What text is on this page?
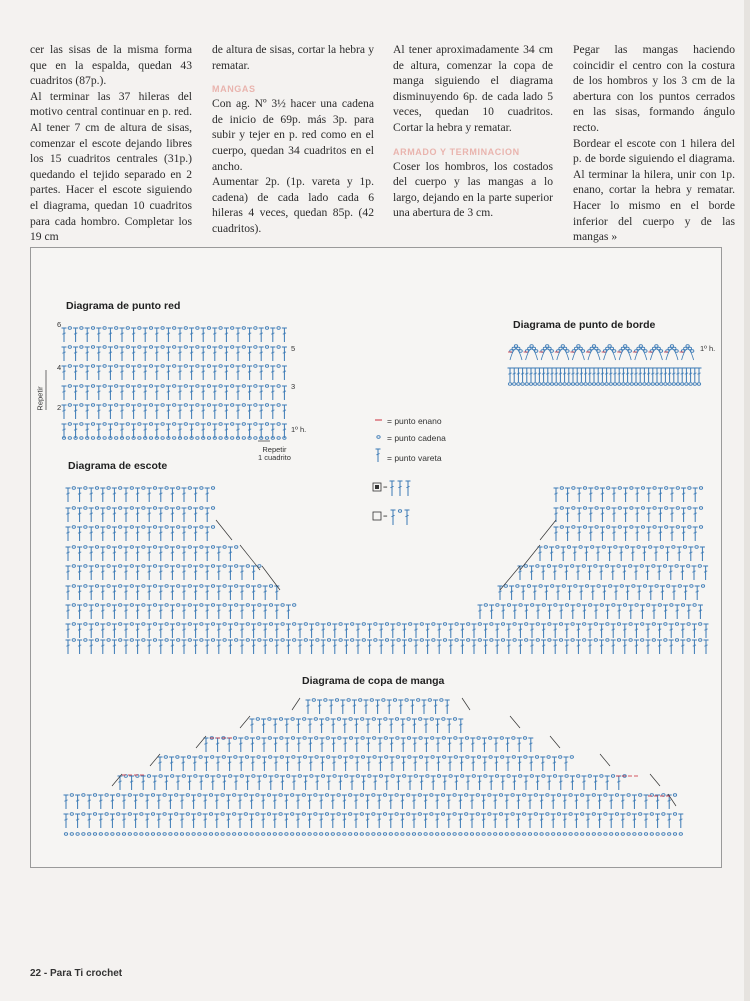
cer las sisas de la misma forma que en la espalda, quedan 43 cuadritos (87p.).

Al terminar las 37 hileras del motivo central continuar en p. red. Al tener 7 cm de altura de sisas, comenzar el escote dejando libres los 15 cuadritos centrales (31p.) quedando el tejido separado en 2 partes. Hacer el escote siguiendo el diagrama, quedan 10 cuadritos para cada hombro. Completar los 19 cm

de altura de sisas, cortar la hebra y rematar.

MANGAS

Con ag. Nº 3½ hacer una cadena de inicio de 69p. más 3p. para subir y tejer en p. red como en el cuerpo, quedan 34 cuadritos en el ancho.

Aumentar 2p. (1p. vareta y 1p. cadena) de cada lado cada 6 hileras 4 veces, quedan 85p. (42 cuadritos).

Al tener aproximadamente 34 cm de altura, comenzar la copa de manga siguiendo el diagrama disminuyendo 6p. de cada lado 5 veces, quedan 10 cuadritos. Cortar la hebra y rematar.

ARMADO Y TERMINACION

Coser los hombros, los costados del cuerpo y las mangas a lo largo, dejando en la parte superior una abertura de 3 cm.

Pegar las mangas haciendo coincidir el centro con la costura de los hombros y los 3 cm de la abertura con los puntos cerrados en las sisas, formando ángulo recto.

Bordear el escote con 1 hilera del p. de borde siguiendo el diagrama. Al terminar la hilera, unir con 1p. enano, cortar la hebra y rematar. Hacer lo mismo en el borde inferior del cuerpo y de las mangas »

Diagrama de punto red
Diagrama de punto de borde
Diagrama de escote
Diagrama de copa de manga
6
5
4
3
2
1º h.
Repetir
Repetir
1 cuadrito
1º h.
= punto enano
= punto cadena
= punto vareta
=
=
22 - Para Ti crochet
